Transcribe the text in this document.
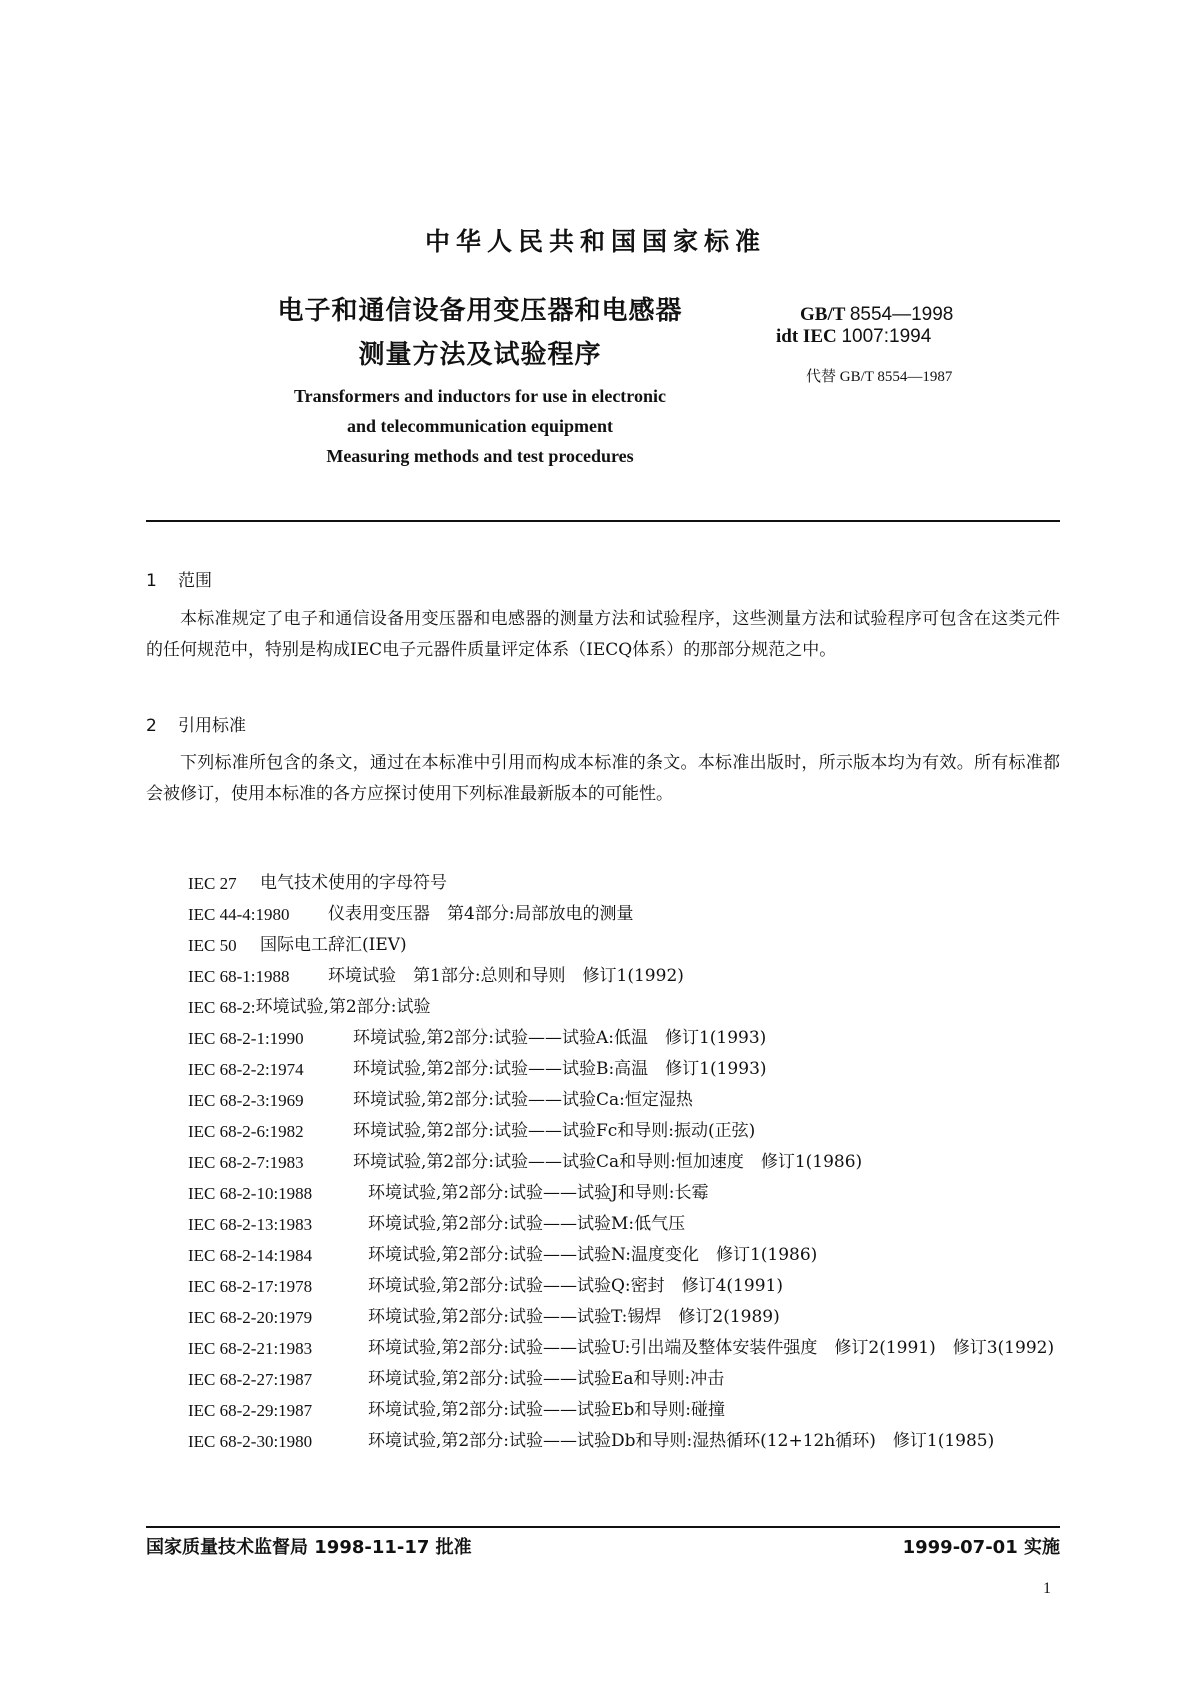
中华人民共和国国家标准
电子和通信设备用变压器和电感器
测量方法及试验程序
GB/T 8554—1998
idt IEC 1007:1994
代替 GB/T 8554—1987
Transformers and inductors for use in electronic
and telecommunication equipment
Measuring methods and test procedures
1 范围
本标准规定了电子和通信设备用变压器和电感器的测量方法和试验程序，这些测量方法和试验程序可包含在这类元件的任何规范中，特别是构成IEC电子元器件质量评定体系（IECQ体系）的那部分规范之中。
2 引用标准
下列标准所包含的条文，通过在本标准中引用而构成本标准的条文。本标准出版时，所示版本均为有效。所有标准都会被修订，使用本标准的各方应探讨使用下列标准最新版本的可能性。
IEC 27	电气技术使用的字母符号
IEC 44-4:1980	仪表用变压器　第4部分:局部放电的测量
IEC 50	国际电工辞汇(IEV)
IEC 68-1:1988	环境试验　第1部分:总则和导则　修订1(1992)
IEC 68-2: 环境试验,第2部分:试验
IEC 68-2-1:1990	环境试验,第2部分:试验——试验A:低温　修订1(1993)
IEC 68-2-2:1974	环境试验,第2部分:试验——试验B:高温　修订1(1993)
IEC 68-2-3:1969	环境试验,第2部分:试验——试验Ca:恒定湿热
IEC 68-2-6:1982	环境试验,第2部分:试验——试验Fc和导则:振动(正弦)
IEC 68-2-7:1983	环境试验,第2部分:试验——试验Ca和导则:恒加速度　修订1(1986)
IEC 68-2-10:1988	环境试验,第2部分:试验——试验J和导则:长霉
IEC 68-2-13:1983	环境试验,第2部分:试验——试验M:低气压
IEC 68-2-14:1984	环境试验,第2部分:试验——试验N:温度变化　修订1(1986)
IEC 68-2-17:1978	环境试验,第2部分:试验——试验Q:密封　修订4(1991)
IEC 68-2-20:1979	环境试验,第2部分:试验——试验T:锡焊　修订2(1989)
IEC 68-2-21:1983	环境试验,第2部分:试验——试验U:引出端及整体安装件强度　修订2(1991)　修订3(1992)
IEC 68-2-27:1987	环境试验,第2部分:试验——试验Ea和导则:冲击
IEC 68-2-29:1987	环境试验,第2部分:试验——试验Eb和导则:碰撞
IEC 68-2-30:1980	环境试验,第2部分:试验——试验Db和导则:湿热循环(12+12h循环)　修订1(1985)
国家质量技术监督局 1998-11-17 批准	1999-07-01 实施
1
